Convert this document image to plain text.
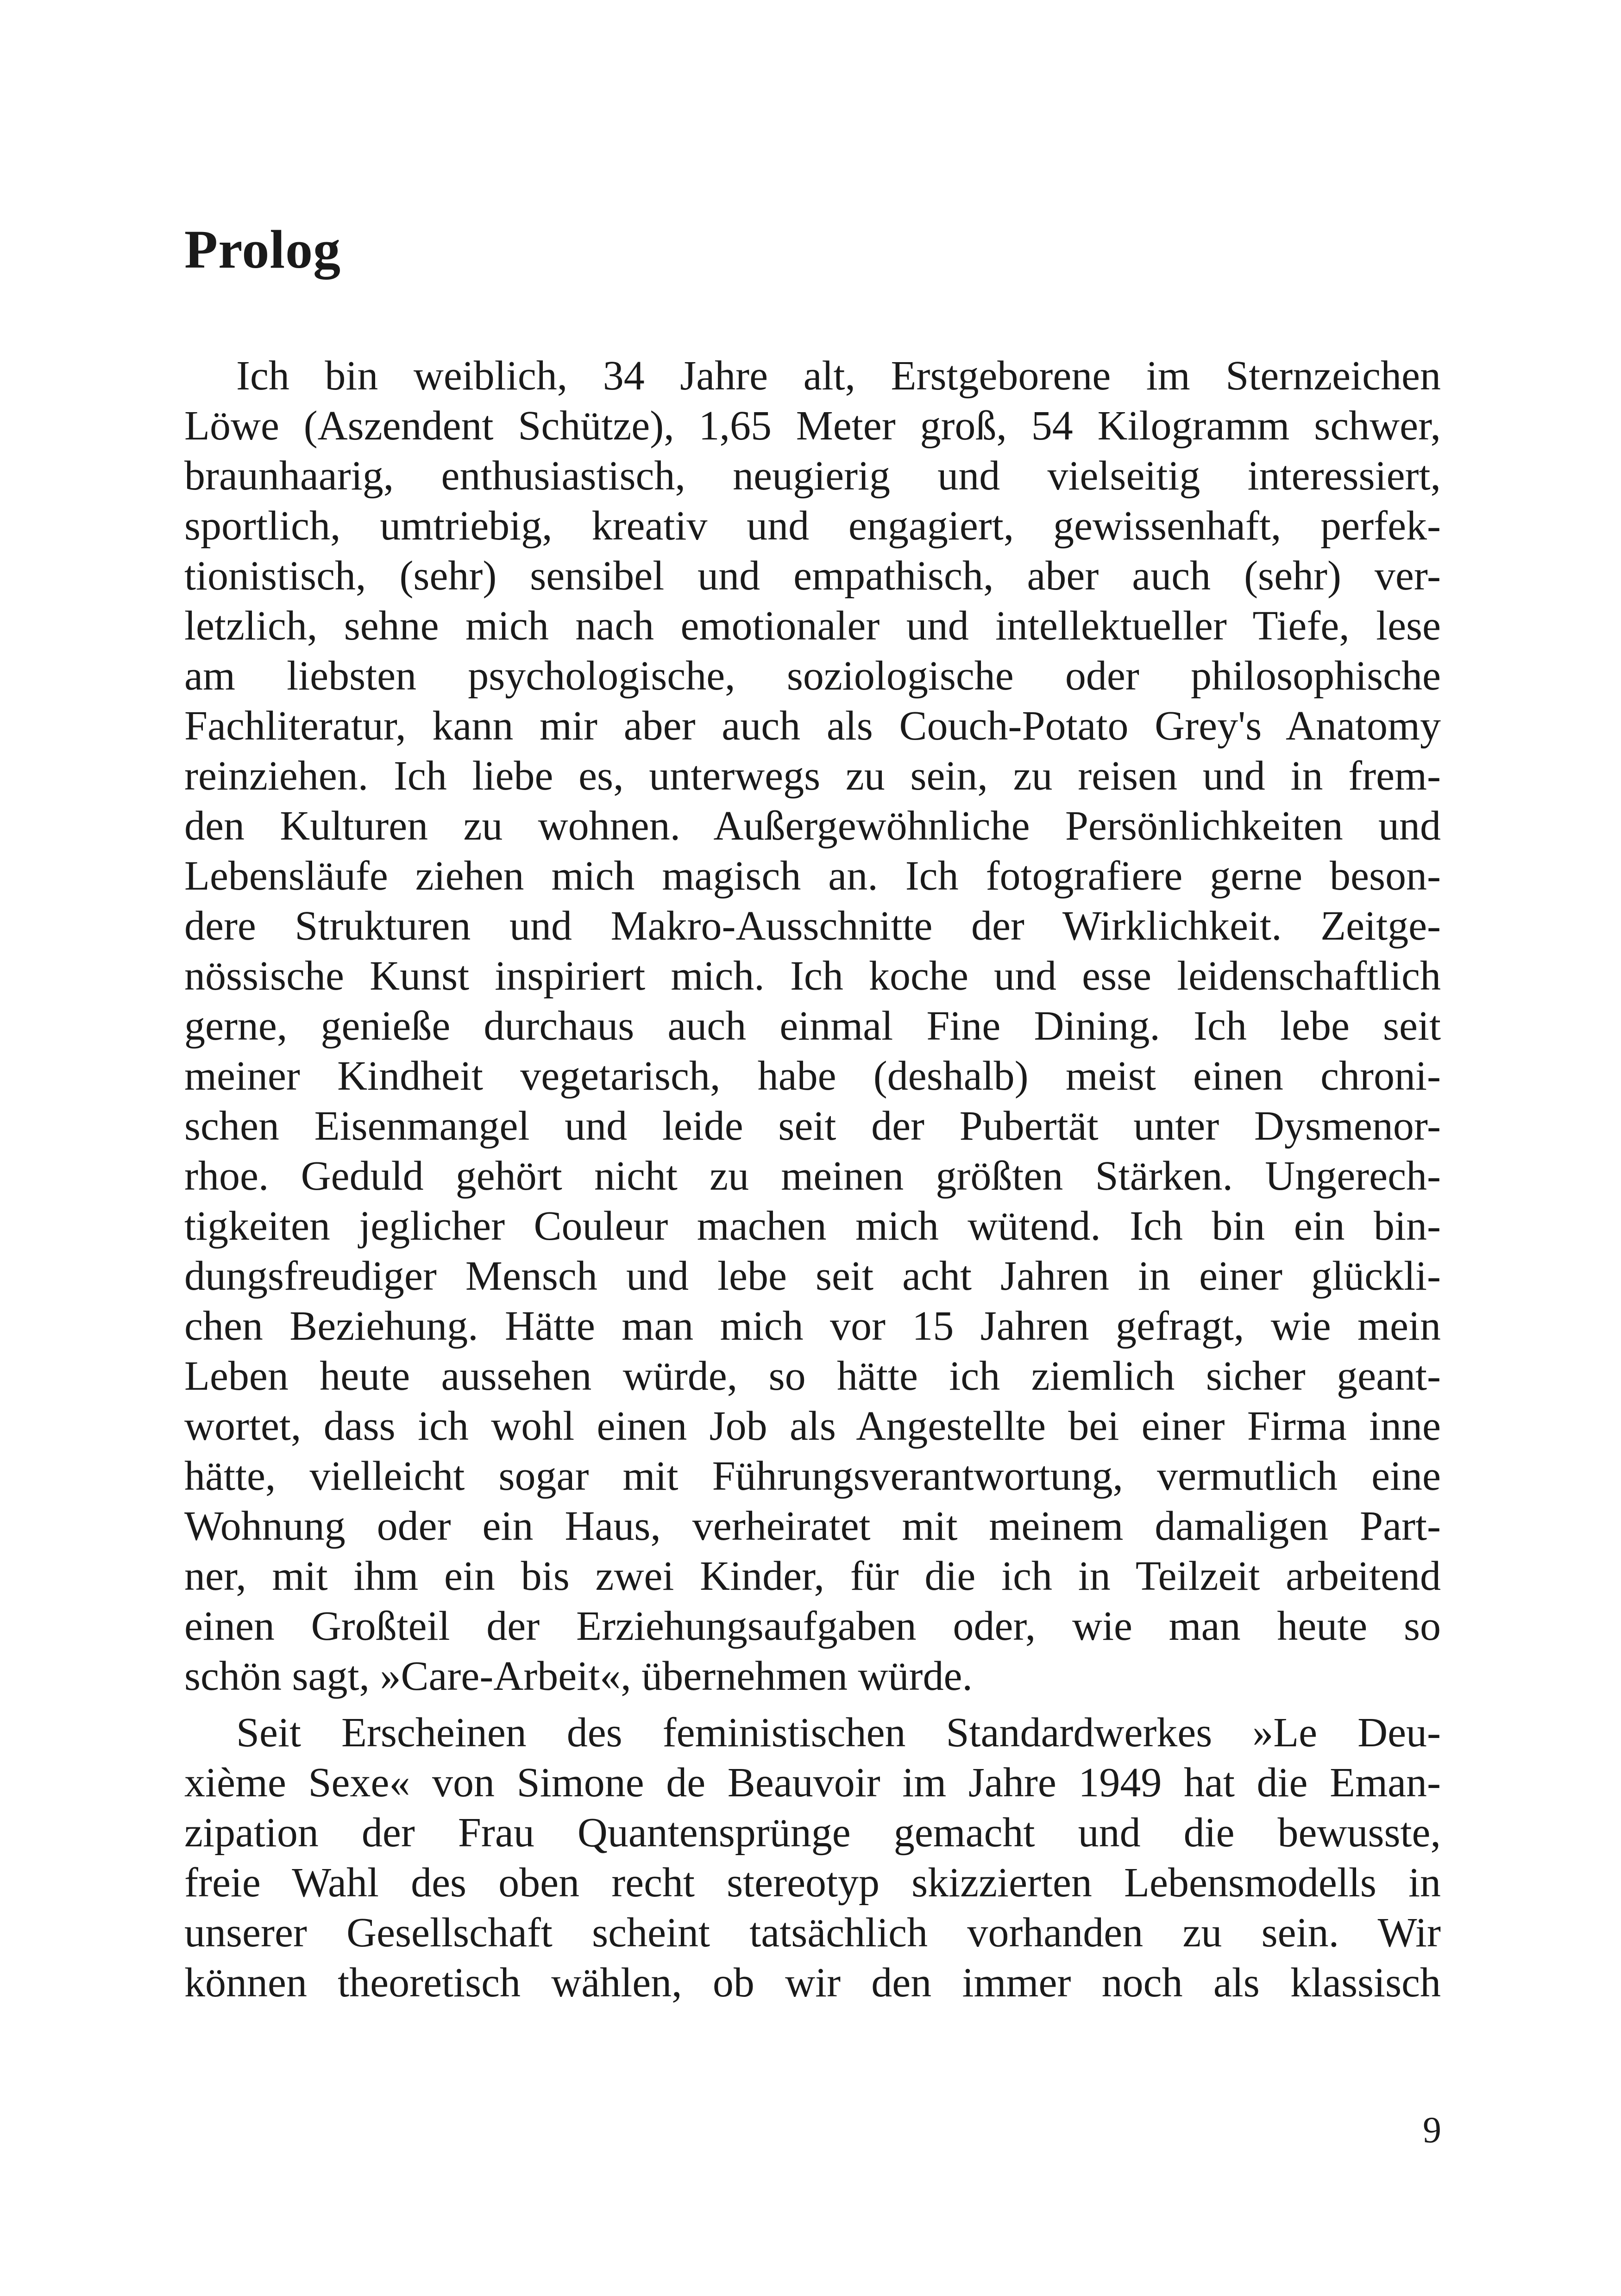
Prolog
Ich bin weiblich, 34 Jahre alt, Erstgeborene im Sternzeichen
Löwe (Aszendent Schütze), 1,65 Meter groß, 54 Kilogramm schwer,
braunhaarig, enthusiastisch, neugierig und vielseitig interessiert,
sportlich, umtriebig, kreativ und engagiert, gewissenhaft, perfek-
tionistisch, (sehr) sensibel und empathisch, aber auch (sehr) ver-
letzlich, sehne mich nach emotionaler und intellektueller Tiefe, lese
am liebsten psychologische, soziologische oder philosophische
Fachliteratur, kann mir aber auch als Couch-Potato Grey's Anatomy
reinziehen. Ich liebe es, unterwegs zu sein, zu reisen und in frem-
den Kulturen zu wohnen. Außergewöhnliche Persönlichkeiten und
Lebensläufe ziehen mich magisch an. Ich fotografiere gerne beson-
dere Strukturen und Makro-Ausschnitte der Wirklichkeit. Zeitge-
nössische Kunst inspiriert mich. Ich koche und esse leidenschaftlich
gerne, genieße durchaus auch einmal Fine Dining. Ich lebe seit
meiner Kindheit vegetarisch, habe (deshalb) meist einen chroni-
schen Eisenmangel und leide seit der Pubertät unter Dysmenor-
rhoe. Geduld gehört nicht zu meinen größten Stärken. Ungerech-
tigkeiten jeglicher Couleur machen mich wütend. Ich bin ein bin-
dungsfreudiger Mensch und lebe seit acht Jahren in einer glückli-
chen Beziehung. Hätte man mich vor 15 Jahren gefragt, wie mein
Leben heute aussehen würde, so hätte ich ziemlich sicher geant-
wortet, dass ich wohl einen Job als Angestellte bei einer Firma inne
hätte, vielleicht sogar mit Führungsverantwortung, vermutlich eine
Wohnung oder ein Haus, verheiratet mit meinem damaligen Part-
ner, mit ihm ein bis zwei Kinder, für die ich in Teilzeit arbeitend
einen Großteil der Erziehungsaufgaben oder, wie man heute so
schön sagt, »Care-Arbeit«, übernehmen würde.
Seit Erscheinen des feministischen Standardwerkes »Le Deu-
xième Sexe« von Simone de Beauvoir im Jahre 1949 hat die Eman-
zipation der Frau Quantensprünge gemacht und die bewusste,
freie Wahl des oben recht stereotyp skizzierten Lebensmodells in
unserer Gesellschaft scheint tatsächlich vorhanden zu sein. Wir
können theoretisch wählen, ob wir den immer noch als klassisch
9
